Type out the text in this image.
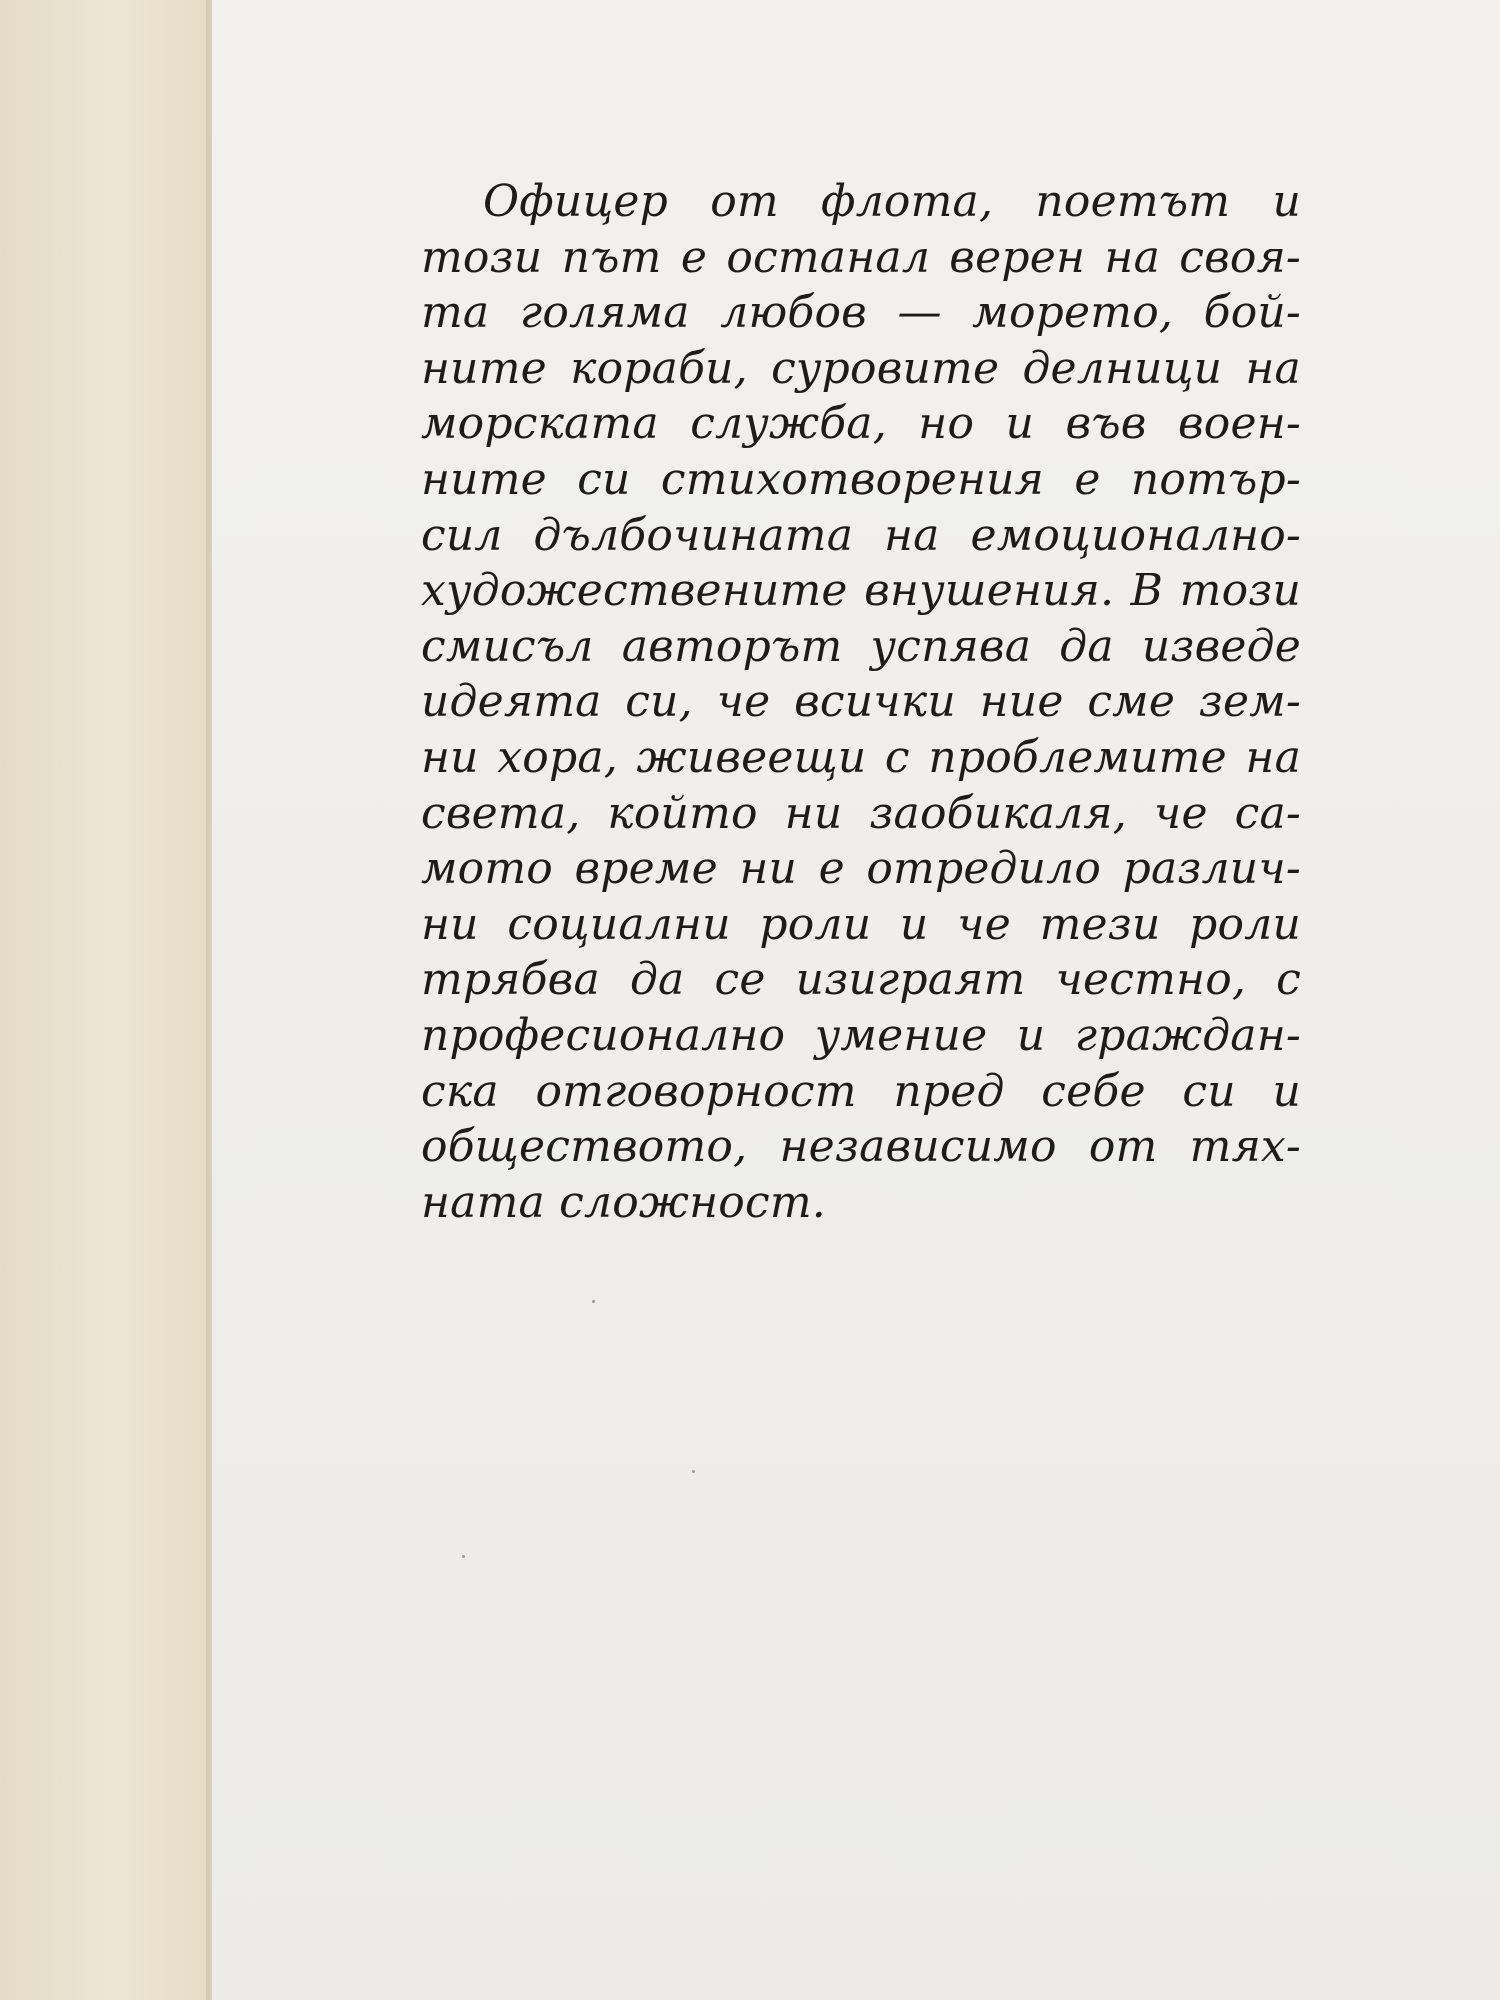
Офицер от флота, поетът и
този път е останал верен на своя-
та голяма любов — морето, бой-
ните кораби, суровите делници на
морската служба, но и във воен-
ните си стихотворения е потър-
сил дълбочината на емоционално-
художествените внушения. В този
смисъл авторът успява да изведе
идеята си, че всички ние сме зем-
ни хора, живеещи с проблемите на
света, който ни заобикаля, че са-
мото време ни е отредило различ-
ни социални роли и че тези роли
трябва да се изиграят честно, с
професионално умение и граждан-
ска отговорност пред себе си и
обществото, независимо от тях-
ната сложност.
